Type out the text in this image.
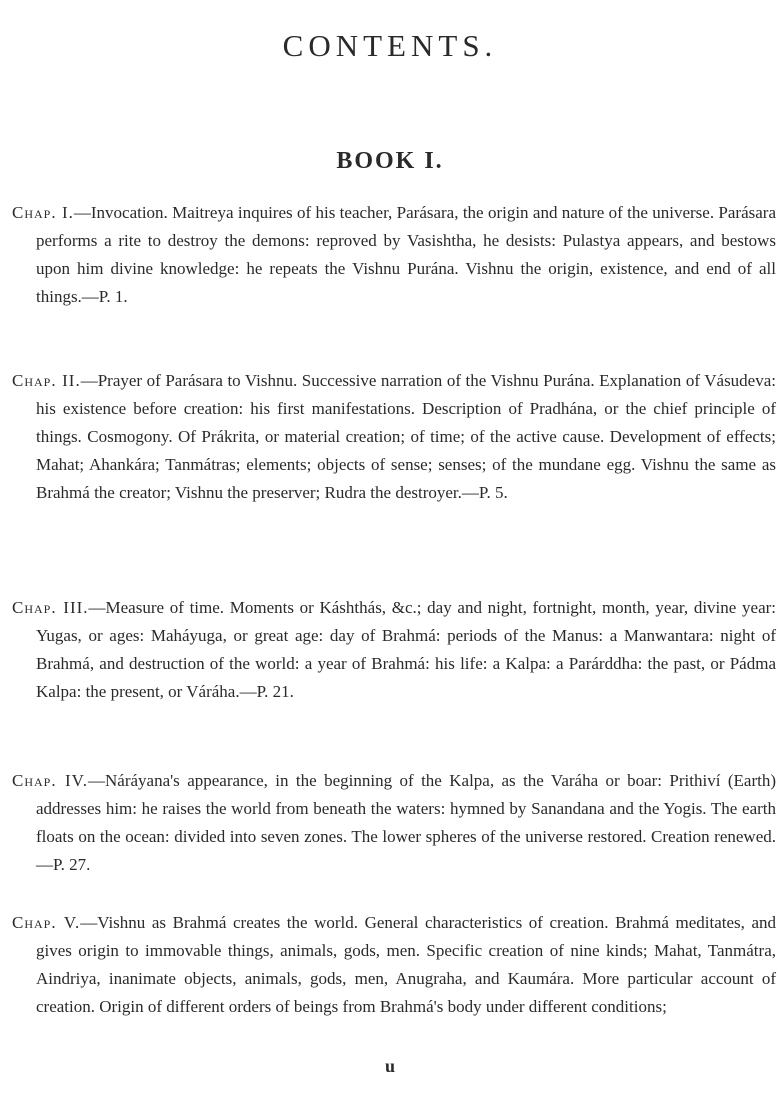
CONTENTS.
BOOK I.

Chap. I.—Invocation. Maitreya inquires of his teacher, Parásara, the origin and nature of the universe. Parásara performs a rite to destroy the demons: reproved by Vasishtha, he desists: Pulastya appears, and bestows upon him divine knowledge: he repeats the Vishnu Purána. Vishnu the origin, existence, and end of all things.—P. 1.

Chap. II.—Prayer of Parásara to Vishnu. Successive narration of the Vishnu Purána. Explanation of Vásudeva: his existence before creation: his first manifestations. Description of Pradhána, or the chief principle of things. Cosmogony. Of Prákrita, or material creation; of time; of the active cause. Development of effects; Mahat; Ahankára; Tanmátras; elements; objects of sense; senses; of the mundane egg. Vishnu the same as Brahmá the creator; Vishnu the preserver; Rudra the destroyer.—P. 5.

Chap. III.—Measure of time. Moments or Káshthás, &c.; day and night, fortnight, month, year, divine year: Yugas, or ages: Maháyuga, or great age: day of Brahmá: periods of the Manus: a Manwantara: night of Brahmá, and destruction of the world: a year of Brahmá: his life: a Kalpa: a Parárddha: the past, or Pádma Kalpa: the present, or Váráha.—P. 21.

Chap. IV.—Náráyana's appearance, in the beginning of the Kalpa, as the Varáha or boar: Prithiví (Earth) addresses him: he raises the world from beneath the waters: hymned by Sanandana and the Yogis. The earth floats on the ocean: divided into seven zones. The lower spheres of the universe restored. Creation renewed.—P. 27.

Chap. V.—Vishnu as Brahmá creates the world. General characteristics of creation. Brahmá meditates, and gives origin to immovable things, animals, gods, men. Specific creation of nine kinds; Mahat, Tanmátra, Aindriya, inanimate objects, animals, gods, men, Anugraha, and Kaumára. More particular account of creation. Origin of different orders of beings from Brahmá's body under different conditions;

u
